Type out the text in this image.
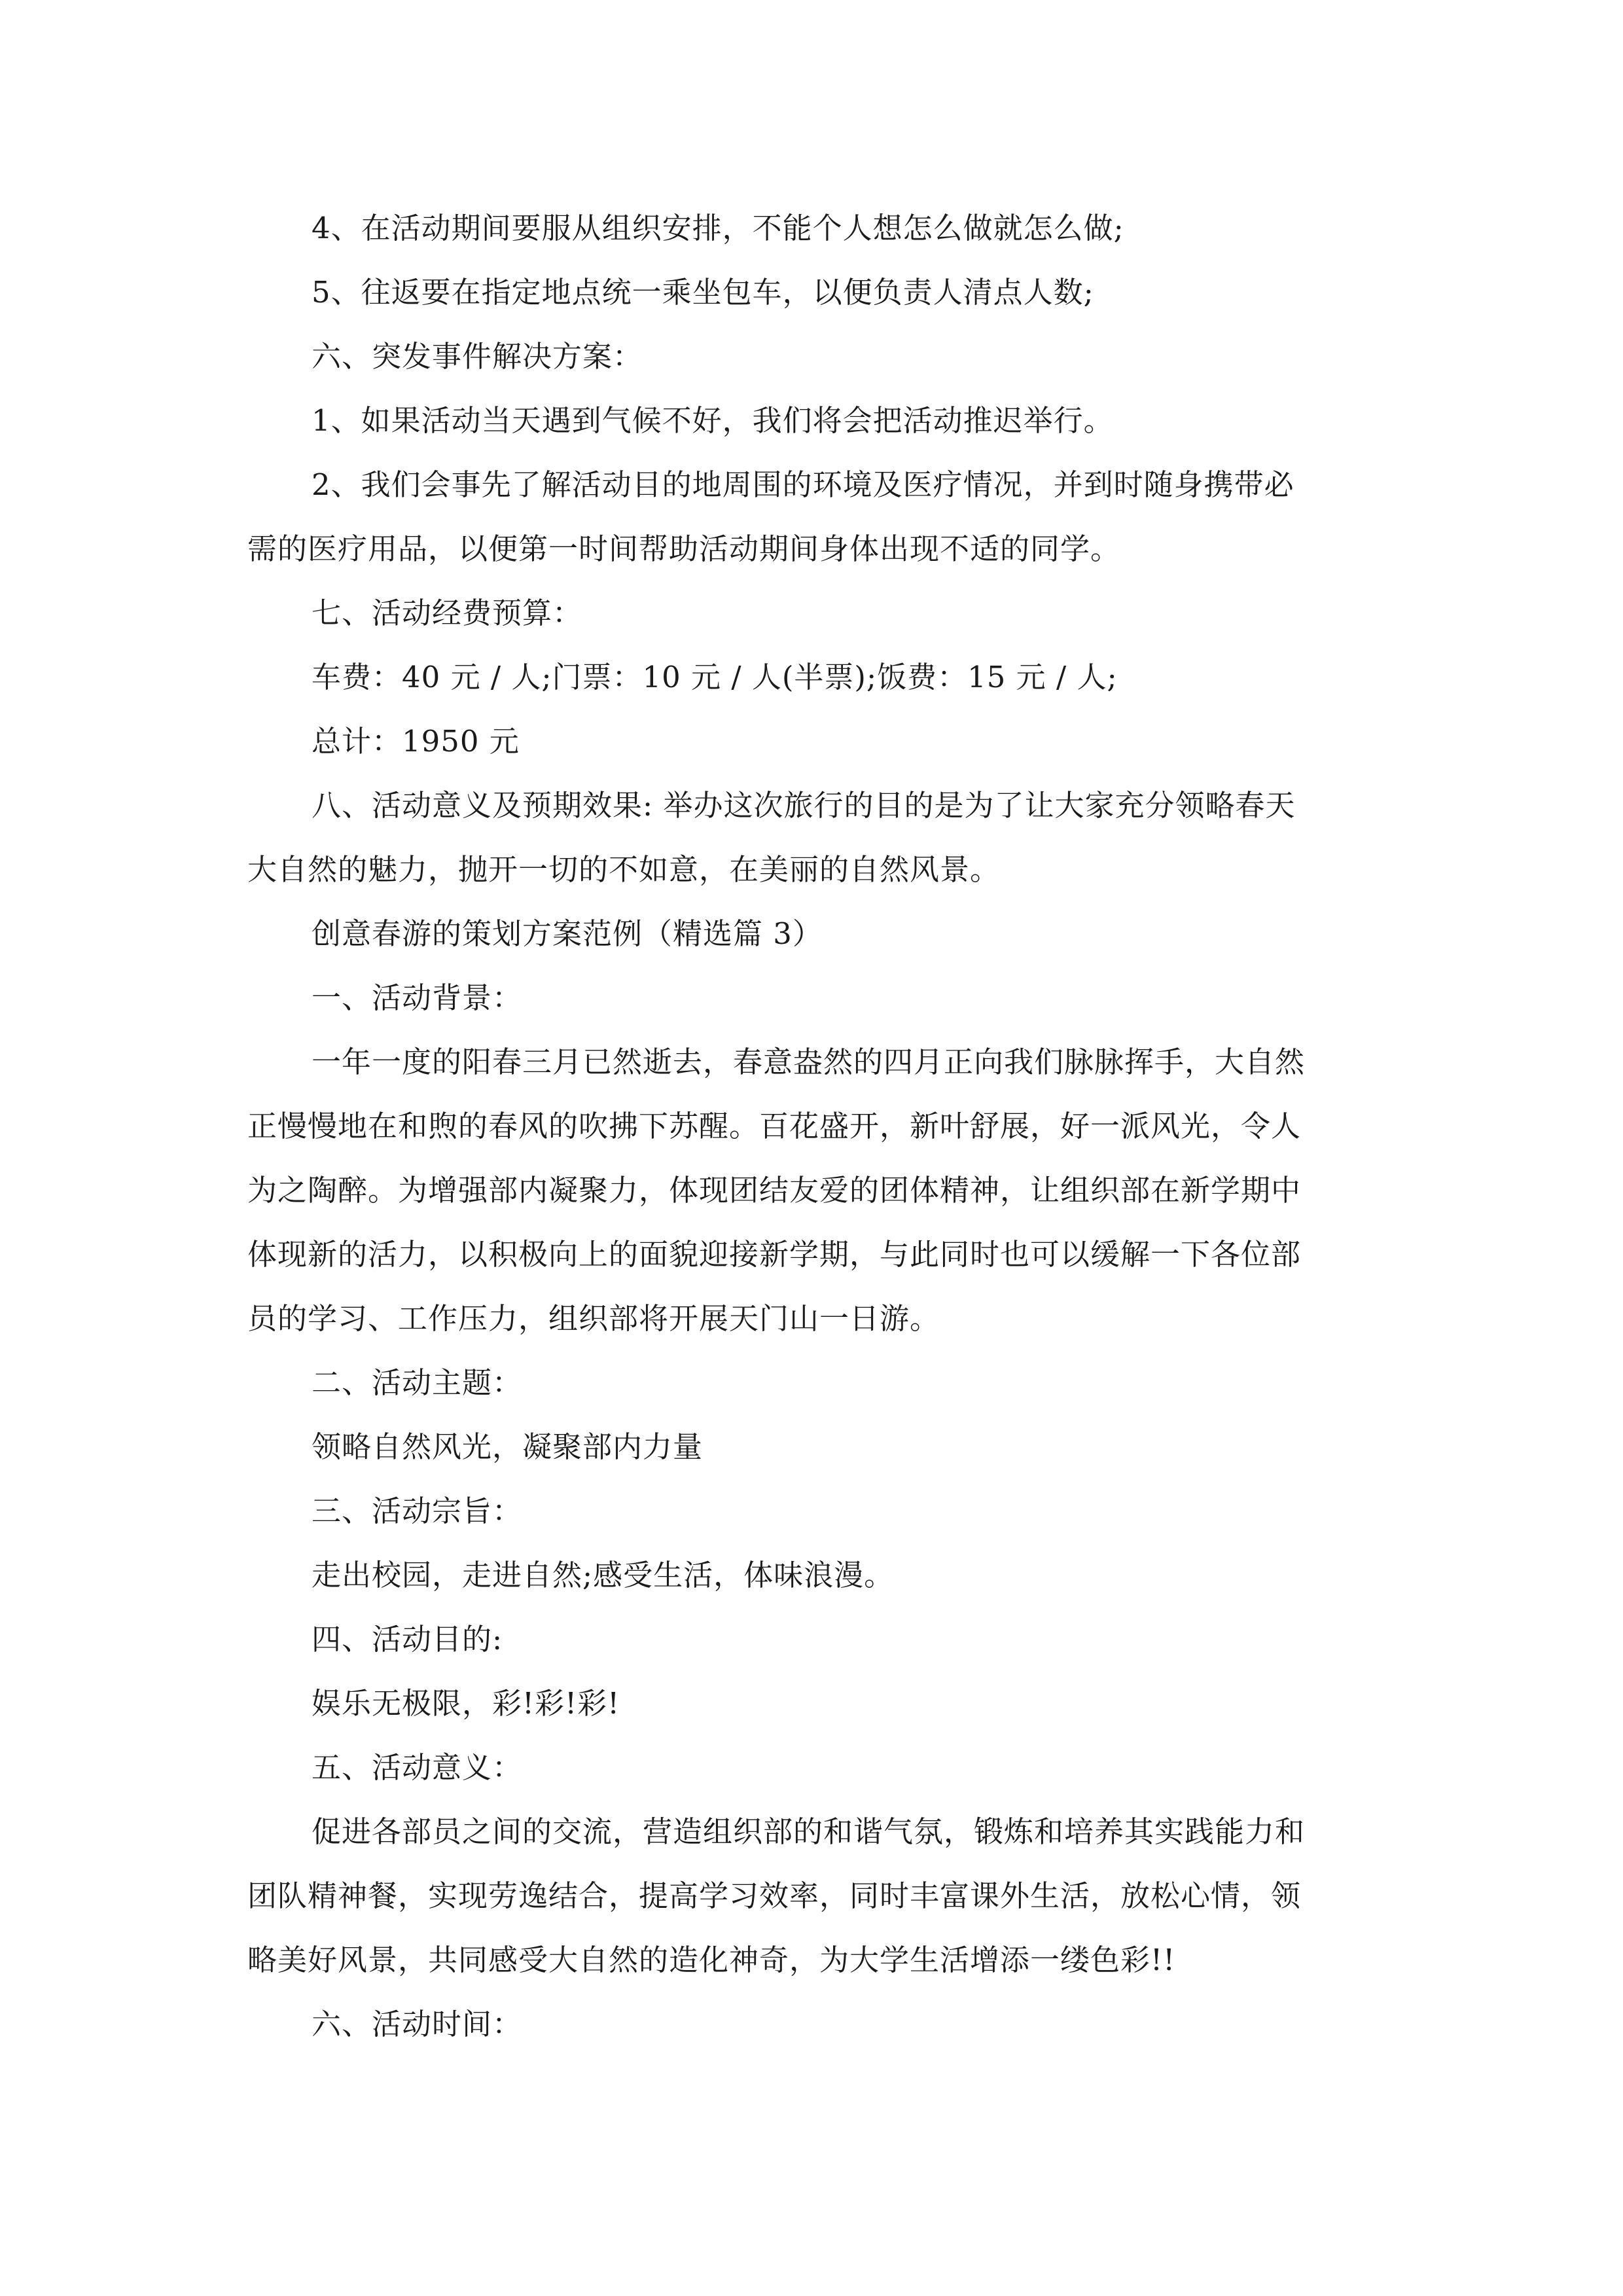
4、在活动期间要服从组织安排，不能个人想怎么做就怎么做;
5、往返要在指定地点统一乘坐包车，以便负责人清点人数;
六、突发事件解决方案：
1、如果活动当天遇到气候不好，我们将会把活动推迟举行。
2、我们会事先了解活动目的地周围的环境及医疗情况，并到时随身携带必
需的医疗用品，以便第一时间帮助活动期间身体出现不适的同学。
七、活动经费预算：
车费：40 元 / 人;门票：10 元 / 人(半票);饭费：15 元 / 人;
总计：1950 元
八、活动意义及预期效果: 举办这次旅行的目的是为了让大家充分领略春天
大自然的魅力，抛开一切的不如意，在美丽的自然风景。
创意春游的策划方案范例（精选篇 3）
一、活动背景：
一年一度的阳春三月已然逝去，春意盎然的四月正向我们脉脉挥手，大自然
正慢慢地在和煦的春风的吹拂下苏醒。百花盛开，新叶舒展，好一派风光，令人
为之陶醉。为增强部内凝聚力，体现团结友爱的团体精神，让组织部在新学期中
体现新的活力，以积极向上的面貌迎接新学期，与此同时也可以缓解一下各位部
员的学习、工作压力，组织部将开展天门山一日游。
二、活动主题：
领略自然风光，凝聚部内力量
三、活动宗旨：
走出校园，走进自然;感受生活，体味浪漫。
四、活动目的:
娱乐无极限，彩!彩!彩!
五、活动意义：
促进各部员之间的交流，营造组织部的和谐气氛，锻炼和培养其实践能力和
团队精神餐，实现劳逸结合，提高学习效率，同时丰富课外生活，放松心情，领
略美好风景，共同感受大自然的造化神奇，为大学生活增添一缕色彩!!
六、活动时间：
